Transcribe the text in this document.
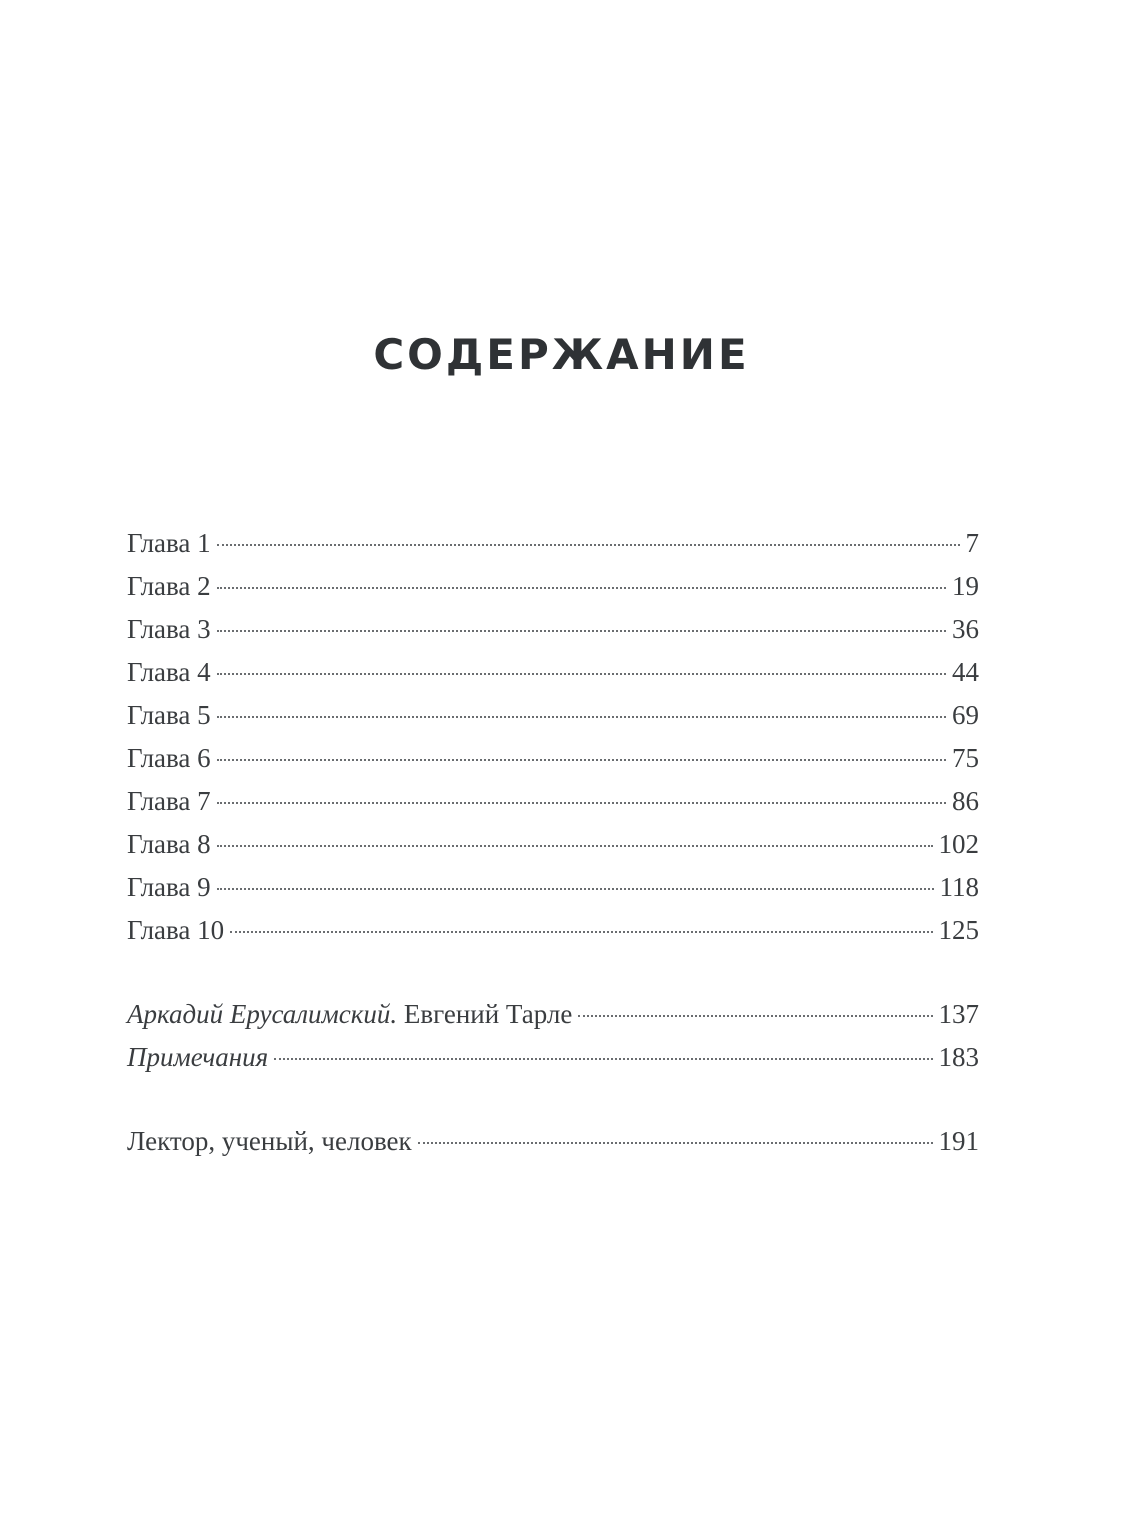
СОДЕРЖАНИЕ
Глава 1	7
Глава 2	19
Глава 3	36
Глава 4	44
Глава 5	69
Глава 6	75
Глава 7	86
Глава 8	102
Глава 9	118
Глава 10	125
Аркадий Ерусалимский. Евгений Тарле	137
Примечания	183
Лектор, ученый, человек	191
